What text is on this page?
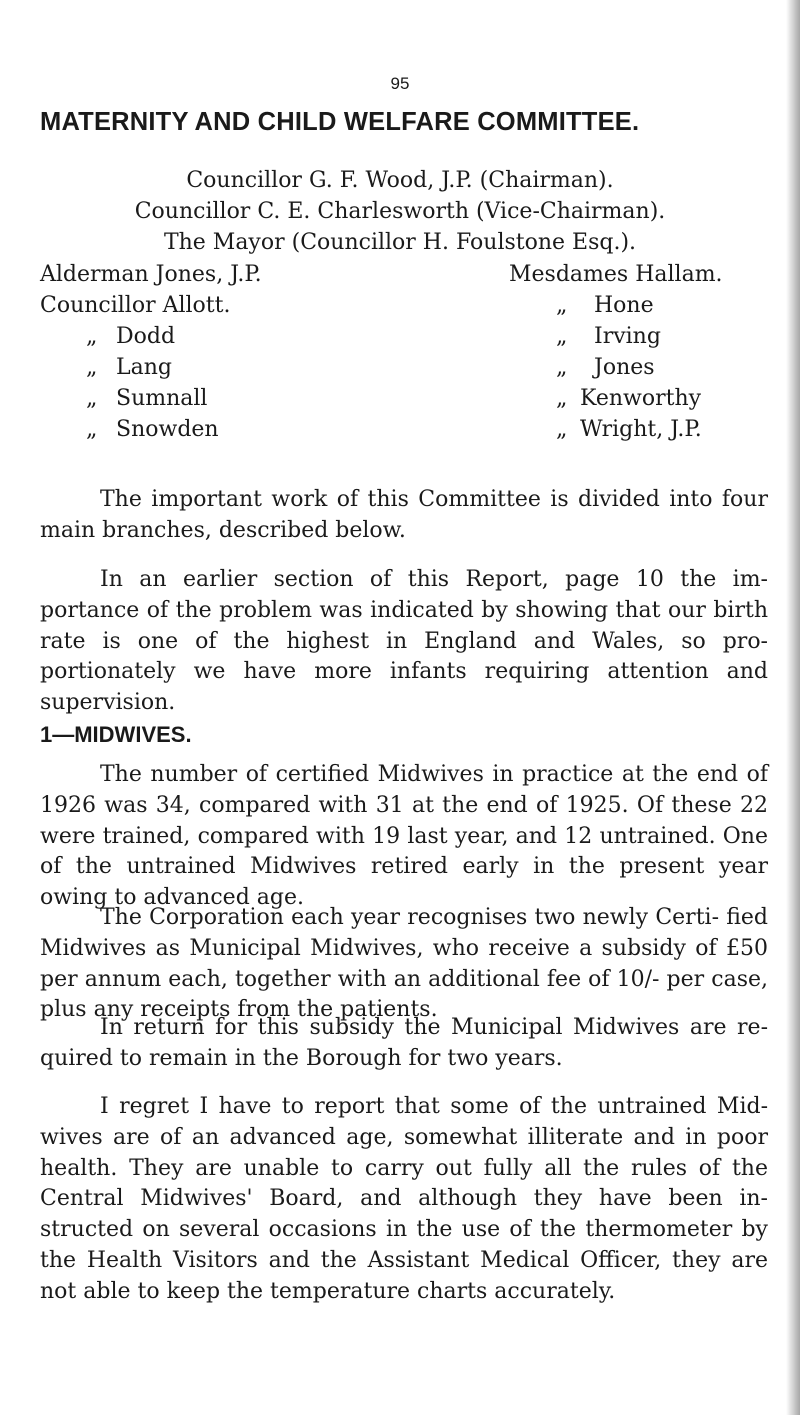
95
MATERNITY AND CHILD WELFARE COMMITTEE.
Councillor G. F. Wood, J.P. (Chairman).
Councillor C. E. Charlesworth (Vice-Chairman).
The Mayor (Councillor H. Foulstone Esq.).
Alderman Jones, J.P.
Councillor Allott.
„ Dodd
„ Lang
„ Sumnall
„ Snowden
Mesdames Hallam.
„ Hone
„ Irving
„ Jones
„ Kenworthy
„ Wright, J.P.

The important work of this Committee is divided into four main branches, described below.

In an earlier section of this Report, page 10 the im- portance of the problem was indicated by showing that our birth rate is one of the highest in England and Wales, so pro- portionately we have more infants requiring attention and supervision.

1—MIDWIVES.

The number of certified Midwives in practice at the end of 1926 was 34, compared with 31 at the end of 1925. Of these 22 were trained, compared with 19 last year, and 12 untrained. One of the untrained Midwives retired early in the present year owing to advanced age.

The Corporation each year recognises two newly Certi- fied Midwives as Municipal Midwives, who receive a subsidy of £50 per annum each, together with an additional fee of 10/- per case, plus any receipts from the patients.

In return for this subsidy the Municipal Midwives are re- quired to remain in the Borough for two years.

I regret I have to report that some of the untrained Mid- wives are of an advanced age, somewhat illiterate and in poor health. They are unable to carry out fully all the rules of the Central Midwives' Board, and although they have been in- structed on several occasions in the use of the thermometer by the Health Visitors and the Assistant Medical Officer, they are not able to keep the temperature charts accurately.
